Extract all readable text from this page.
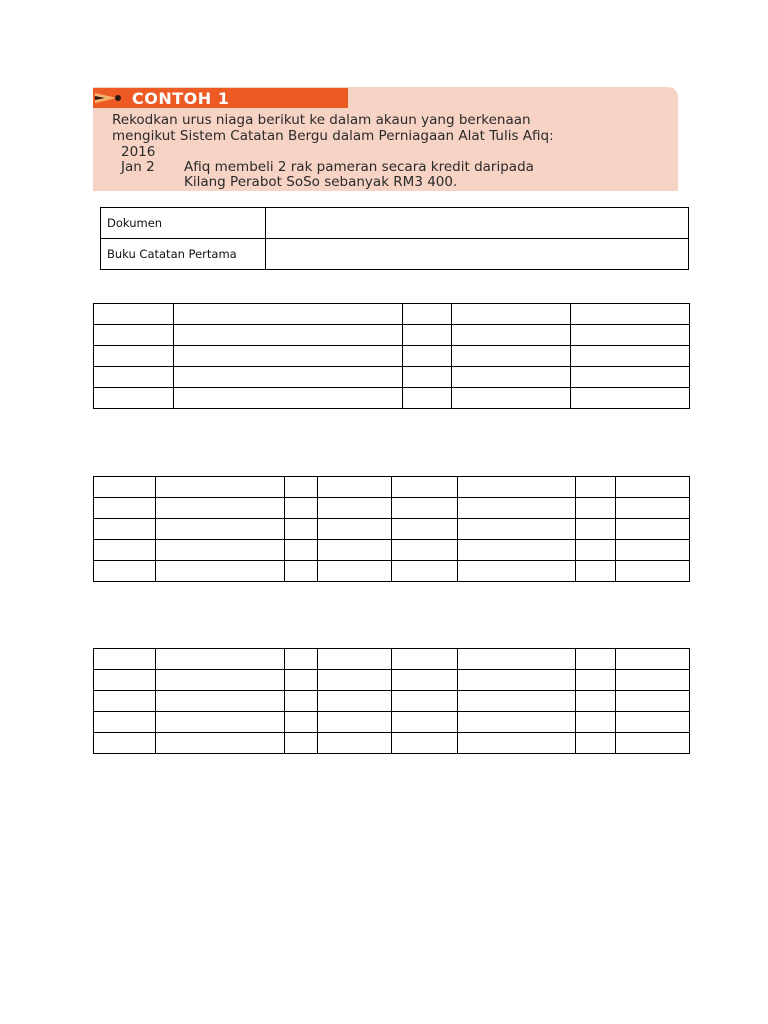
CONTOH 1
Rekodkan urus niaga berikut ke dalam akaun yang berkenaan
mengikut Sistem Catatan Bergu dalam Perniagaan Alat Tulis Afiq:
2016
Jan 2 Afiq membeli 2 rak pameran secara kredit daripada
Kilang Perabot SoSo sebanyak RM3 400.
Dokumen	
Buku Catatan Pertama	
